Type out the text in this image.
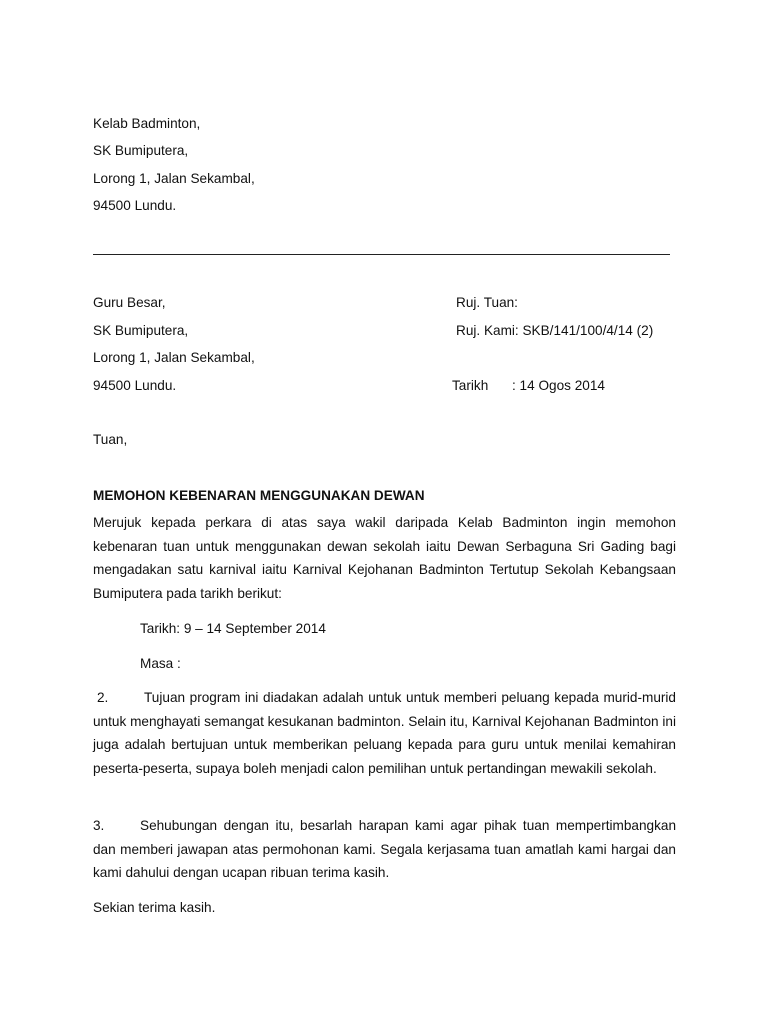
Kelab Badminton,
SK Bumiputera,
Lorong 1, Jalan Sekambal,
94500 Lundu.
Guru Besar,
SK Bumiputera,
Lorong 1, Jalan Sekambal,
94500 Lundu.
Ruj. Tuan:
Ruj. Kami: SKB/141/100/4/14 (2)
Tarikh : 14 Ogos 2014
Tuan,
MEMOHON KEBENARAN MENGGUNAKAN DEWAN
Merujuk kepada perkara di atas saya wakil daripada Kelab Badminton ingin memohon kebenaran tuan untuk menggunakan dewan sekolah iaitu Dewan Serbaguna Sri Gading bagi mengadakan satu karnival iaitu Karnival Kejohanan Badminton Tertutup Sekolah Kebangsaan Bumiputera pada tarikh berikut:
Tarikh: 9 – 14 September 2014
Masa :
2.	Tujuan program ini diadakan adalah untuk untuk memberi peluang kepada murid-murid untuk menghayati semangat kesukanan badminton. Selain itu, Karnival Kejohanan Badminton ini juga adalah bertujuan untuk memberikan peluang kepada para guru untuk menilai kemahiran peserta-peserta, supaya boleh menjadi calon pemilihan untuk pertandingan mewakili sekolah.
3.	Sehubungan dengan itu, besarlah harapan kami agar pihak tuan mempertimbangkan dan memberi jawapan atas permohonan kami. Segala kerjasama tuan amatlah kami hargai dan kami dahului dengan ucapan ribuan terima kasih.
Sekian terima kasih.
